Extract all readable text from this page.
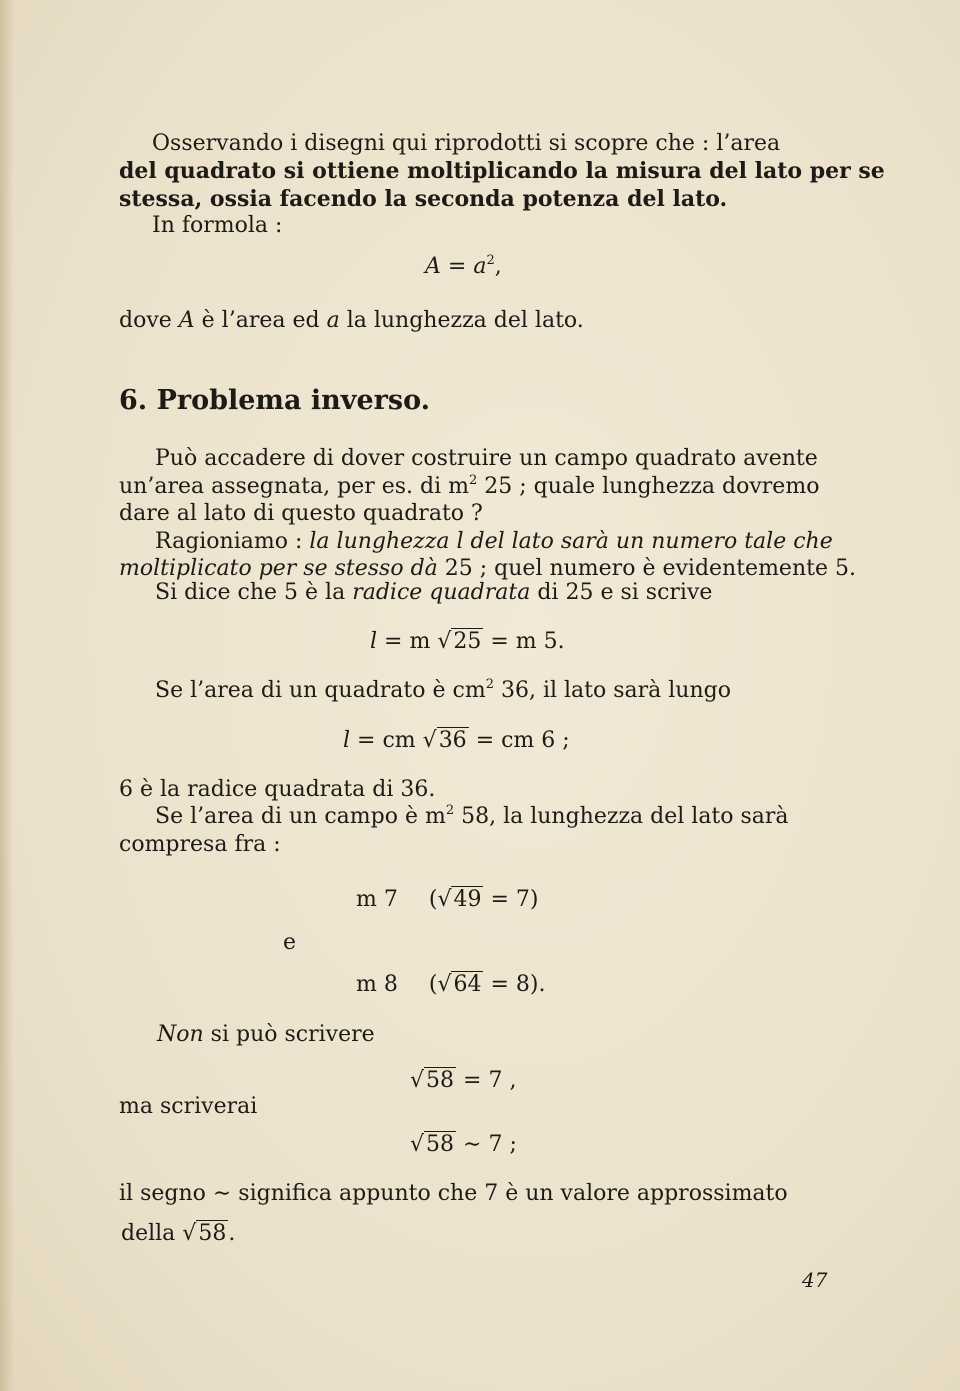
Osservando i disegni qui riprodotti si scopre che : l’area
del quadrato si ottiene moltiplicando la misura del lato per se
stessa, ossia facendo la seconda potenza del lato.
In formola :
$A = a^2$,
dove A è l’area ed a la lunghezza del lato.
6. Problema inverso.
Può accadere di dover costruire un campo quadrato avente
un’area assegnata, per es. di $m^2$ 25 ; quale lunghezza dovremo
dare al lato di questo quadrato ?
Ragioniamo : la lunghezza l del lato sarà un numero tale che
moltiplicato per se stesso dà 25 ; quel numero è evidentemente 5.
Si dice che 5 è la radice quadrata di 25 e si scrive
l = m √25 = m 5.
Se l’area di un quadrato è $cm^2$ 36, il lato sarà lungo
l = cm √36 = cm 6 ;
6 è la radice quadrata di 36.
Se l’area di un campo è $m^2$ 58, la lunghezza del lato sarà
compresa fra :
m 7 (√49 = 7)
e
m 8 (√64 = 8).
Non si può scrivere
√58 = 7 ,
ma scriverai
√58 ∼ 7 ;
il segno ∼ significa appunto che 7 è un valore approssimato
della √58.
47
